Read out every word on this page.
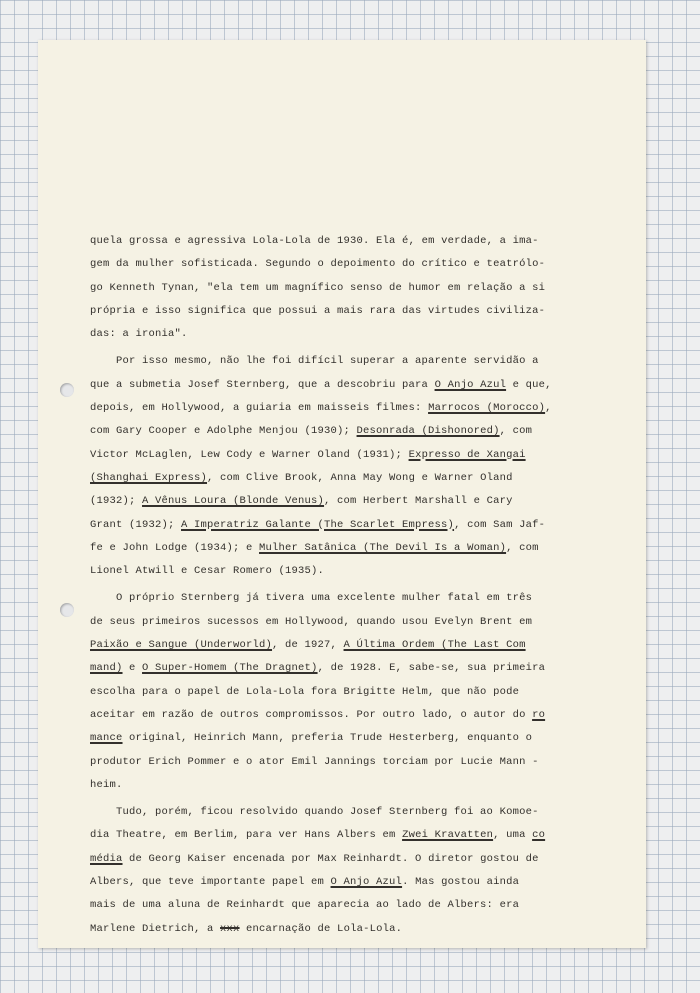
quela grossa e agressiva Lola-Lola de 1930. Ela é, em verdade, a ima-
gem da mulher sofisticada. Segundo o depoimento do crítico e teatrólo-
go Kenneth Tynan, "ela tem um magnífico senso de humor em relação a si
própria e isso significa que possui a mais rara das virtudes civiliza-
das: a ironia".
Por isso mesmo, não lhe foi difícil superar a aparente servidão a
que a submetia Josef Sternberg, que a descobriu para O Anjo Azul e que,
depois, em Hollywood, a guiaria em maisseis filmes: Marrocos (Morocco),
com Gary Cooper e Adolphe Menjou (1930); Desonrada (Dishonored), com
Victor McLaglen, Lew Cody e Warner Oland (1931); Expresso de Xangai
(Shanghai Express), com Clive Brook, Anna May Wong e Warner Oland
(1932); A Vênus Loura (Blonde Venus), com Herbert Marshall e Cary
Grant (1932); A Imperatriz Galante (The Scarlet Empress), com Sam Jaf-
fe e John Lodge (1934); e Mulher Satânica (The Devil Is a Woman), com
Lionel Atwill e Cesar Romero (1935).
O próprio Sternberg já tivera uma excelente mulher fatal em três
de seus primeiros sucessos em Hollywood, quando usou Evelyn Brent em
Paixão e Sangue (Underworld), de 1927, A Última Ordem (The Last Com
mand) e O Super-Homem (The Dragnet), de 1928. E, sabe-se, sua primeira
escolha para o papel de Lola-Lola fora Brigitte Helm, que não pode
aceitar em razão de outros compromissos. Por outro lado, o autor do ro
mance original, Heinrich Mann, preferia Trude Hesterberg, enquanto o
produtor Erich Pommer e o ator Emil Jannings torciam por Lucie Mann -
heim.
Tudo, porém, ficou resolvido quando Josef Sternberg foi ao Komoe-
dia Theatre, em Berlim, para ver Hans Albers em Zwei Kravatten, uma co
média de Georg Kaiser encenada por Max Reinhardt. O diretor gostou de
Albers, que teve importante papel em O Anjo Azul. Mas gostou ainda
mais de uma aluna de Reinhardt que aparecia ao lado de Albers: era
Marlene Dietrich, a xxx encarnação de Lola-Lola.
